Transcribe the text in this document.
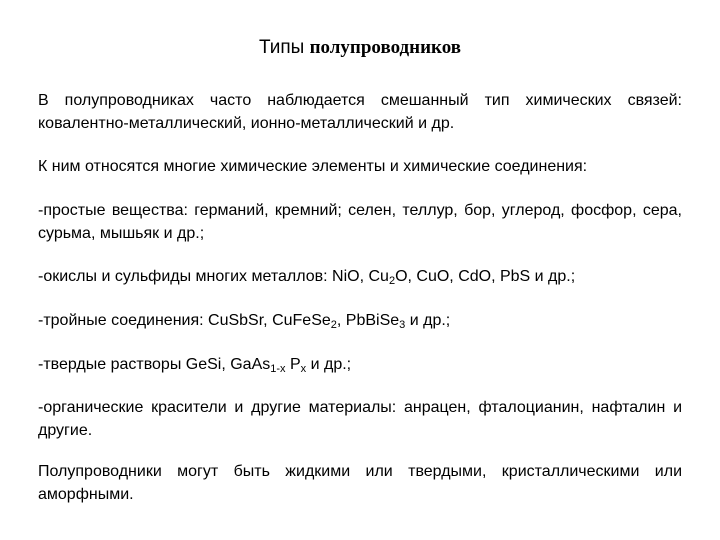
Типы полупроводников

В полупроводниках часто наблюдается смешанный тип химических связей: ковалентно-металлический, ионно-металлический и др.

К ним относятся многие химические элементы и химические соединения:

-простые вещества: германий, кремний; селен, теллур, бор, углерод, фосфор, сера, сурьма, мышьяк и др.;

-окислы и сульфиды многих металлов: NiO, $Cu_2O$, CuO, CdO, PbS и др.;

-тройные соединения: CuSbSr, CuFeSe$_2$, PbBiSe$_3$ и др.;

-твердые растворы GeSi, GaAs$_{1-x}$ $P_x$ и др.;

-органические красители и другие материалы: анрацен, фталоцианин, нафталин и другие.

Полупроводники могут быть жидкими или твердыми, кристаллическими или аморфными.
